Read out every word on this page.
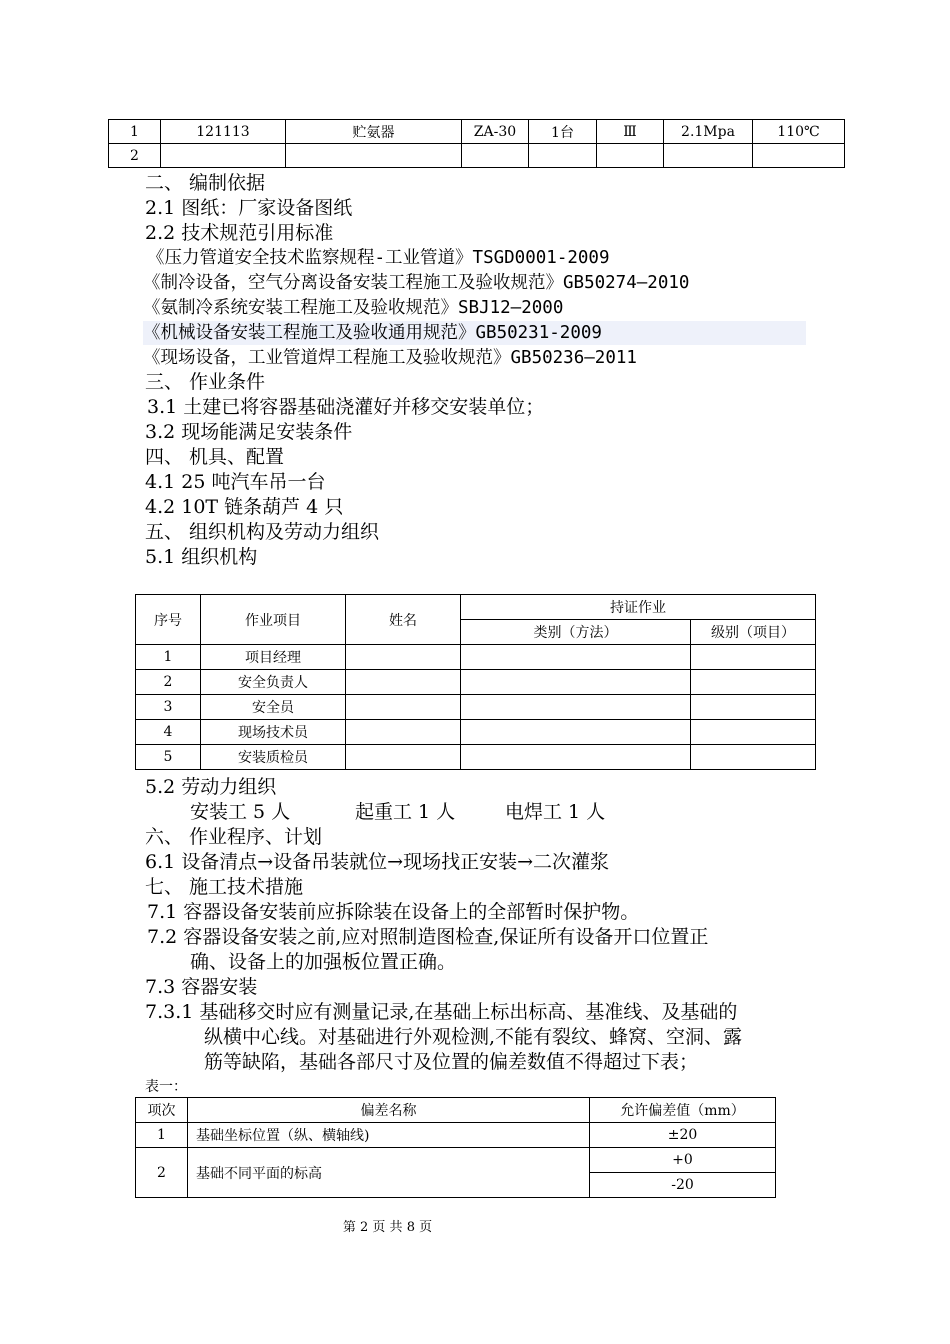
1	121113	贮氨器	ZA-30	1台	Ⅲ	2.1Mpa	110℃
2							
二、 编制依据
2.1 图纸：厂家设备图纸
2.2 技术规范引用标准
《压力管道安全技术监察规程-工业管道》TSGD0001-2009
《制冷设备，空气分离设备安装工程施工及验收规范》GB50274—2010
《氨制冷系统安装工程施工及验收规范》SBJ12—2000
《机械设备安装工程施工及验收通用规范》GB50231-2009
《现场设备，工业管道焊工程施工及验收规范》GB50236—2011
三、 作业条件
3.1 土建已将容器基础浇灌好并移交安装单位；
3.2 现场能满足安装条件
四、 机具、配置
4.1 25 吨汽车吊一台
4.2 10T 链条葫芦 4 只
五、 组织机构及劳动力组织
5.1 组织机构
序号	作业项目	姓名	持证作业	
			类别（方法）	级别（项目）
1	项目经理			
2	安全负责人			
3	安全员			
4	现场技术员			
5	安装质检员			
5.2 劳动力组织
安装工 5 人	起重工 1 人	电焊工 1 人
六、 作业程序、计划
6.1 设备清点→设备吊装就位→现场找正安装→二次灌浆
七、 施工技术措施
7.1 容器设备安装前应拆除装在设备上的全部暂时保护物。
7.2 容器设备安装之前,应对照制造图检查,保证所有设备开口位置正
确、设备上的加强板位置正确。
7.3 容器安装
7.3.1 基础移交时应有测量记录,在基础上标出标高、基准线、及基础的
纵横中心线。对基础进行外观检测,不能有裂纹、蜂窝、空洞、露
筋等缺陷，基础各部尺寸及位置的偏差数值不得超过下表；
表一：
项次	偏差名称	允许偏差值（mm）
1	基础坐标位置（纵、横轴线)	±20
2	基础不同平面的标高	+0
		-20
第 2 页 共 8 页
